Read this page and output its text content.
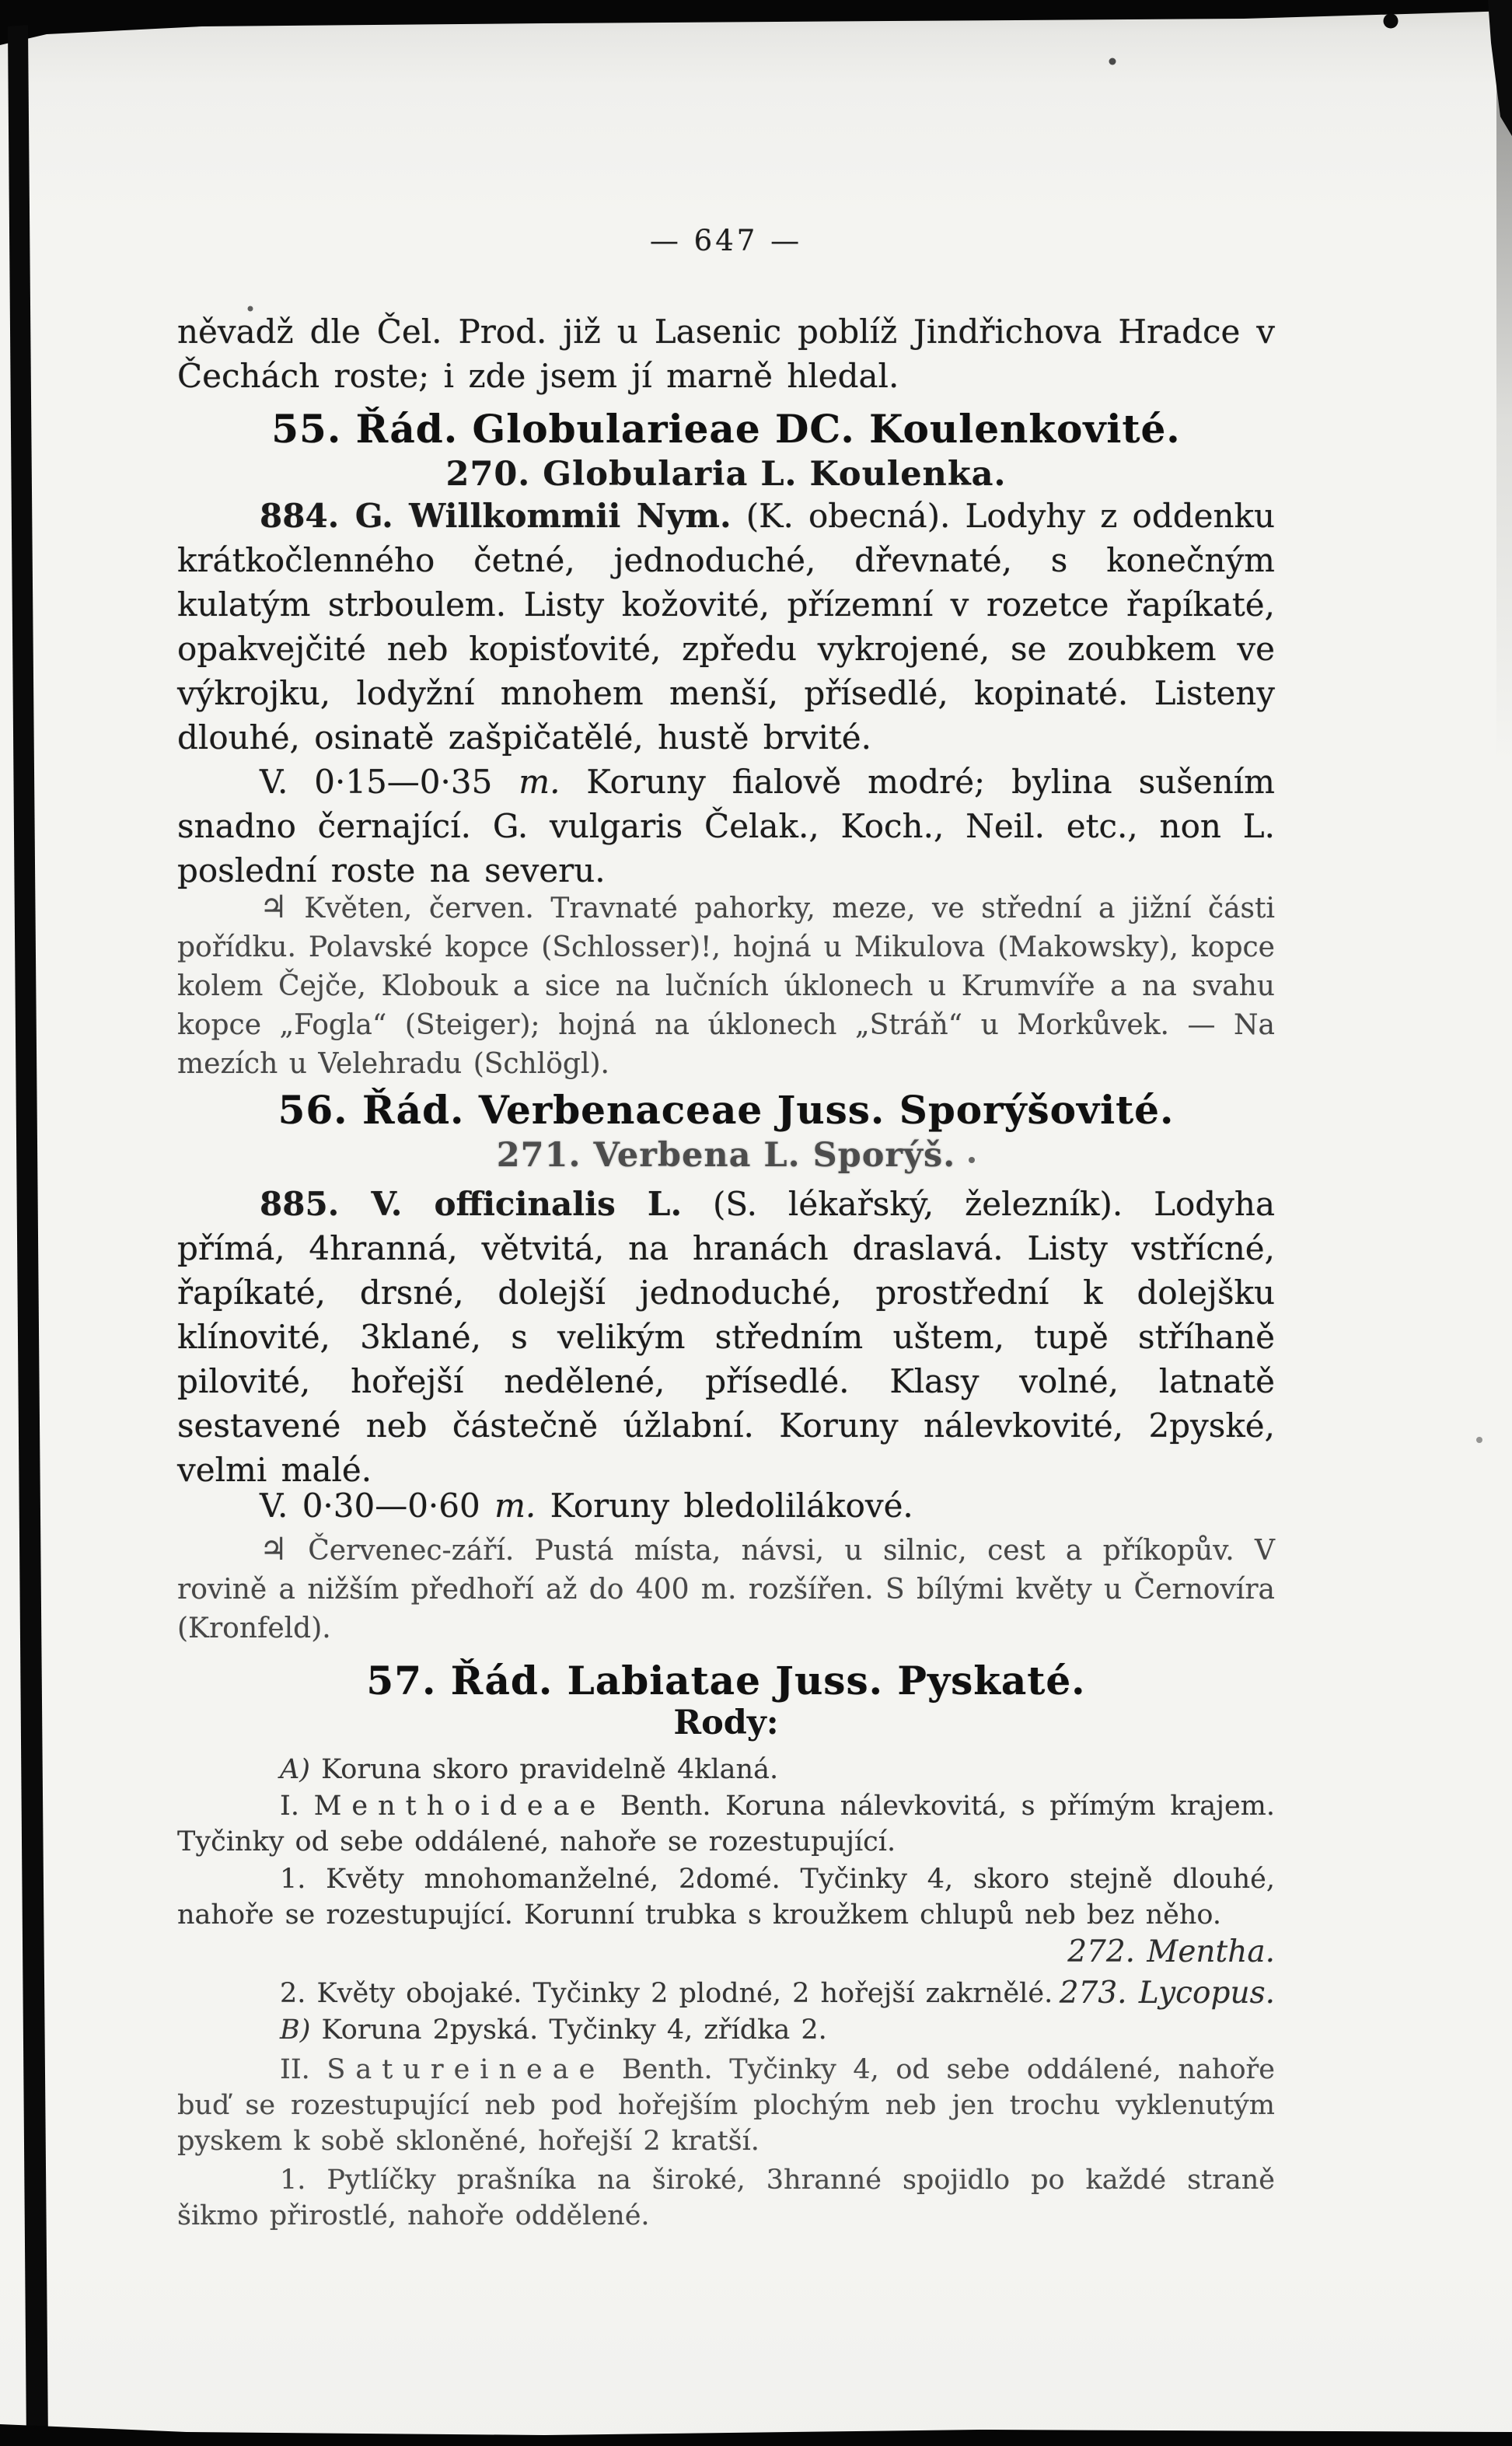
— 647 —

něvadž dle Čel. Prod. již u Lasenic poblíž Jindřichova Hradce v Čechách roste; i zde jsem jí marně hledal.

55. Řád. Globularieae DC. Koulenkovité.
270. Globularia L. Koulenka.

884. G. Willkommii Nym. (K. obecná). Lodyhy z oddenku krátkočlenného četné, jednoduché, dřevnaté, s konečným kulatým strboulem. Listy kožovité, přízemní v rozetce řapíkaté, opakvejčité neb kopisťovité, zpředu vykrojené, se zoubkem ve výkrojku, lodyžní mnohem menší, přísedlé, kopinaté. Listeny dlouhé, osinatě zašpičatělé, hustě brvité.

V. 0·15—0·35 m. Koruny fialově modré; bylina sušením snadno černající. G. vulgaris Čelak., Koch., Neil. etc., non L. poslední roste na severu.

♃ Květen, červen. Travnaté pahorky, meze, ve střední a jižní části pořídku. Polavské kopce (Schlosser)!, hojná u Mikulova (Makowsky), kopce kolem Čejče, Klobouk a sice na lučních úklonech u Krumvíře a na svahu kopce „Fogla“ (Steiger); hojná na úklonech „Stráň“ u Morkůvek. — Na mezích u Velehradu (Schlögl).

56. Řád. Verbenaceae Juss. Sporýšovité.
271. Verbena L. Sporýš.

885. V. officinalis L. (S. lékařský, železník). Lodyha přímá, 4hranná, větvitá, na hranách draslavá. Listy vstřícné, řapíkaté, drsné, dolejší jednoduché, prostřední k dolejšku klínovité, 3klané, s velikým středním uštem, tupě stříhaně pilovité, hořejší nedělené, přísedlé. Klasy volné, latnatě sestavené neb částečně úžlabní. Koruny nálevkovité, 2pyské, velmi malé.

V. 0·30—0·60 m. Koruny bledolilákové.

♃ Červenec-září. Pustá místa, návsi, u silnic, cest a příkopův. V rovině a nižším předhoří až do 400 m. rozšířen. S bílými květy u Černovíra (Kronfeld).

57. Řád. Labiatae Juss. Pyskaté.
Rody:

A) Koruna skoro pravidelně 4klaná.

I. Menthoideae Benth. Koruna nálevkovitá, s přímým krajem. Tyčinky od sebe oddálené, nahoře se rozestupující.

1. Květy mnohomanželné, 2domé. Tyčinky 4, skoro stejně dlouhé, nahoře se rozestupující. Korunní trubka s kroužkem chlupů neb bez něho.

272. Mentha.

2. Květy obojaké. Tyčinky 2 plodné, 2 hořejší zakrnělé. 273. Lycopus.

B) Koruna 2pyská. Tyčinky 4, zřídka 2.

II. Satureineae Benth. Tyčinky 4, od sebe oddálené, nahoře buď se rozestupující neb pod hořejším plochým neb jen trochu vyklenutým pyskem k sobě skloněné, hořejší 2 kratší.

1. Pytlíčky prašníka na široké, 3hranné spojidlo po každé straně šikmo přirostlé, nahoře oddělené.
